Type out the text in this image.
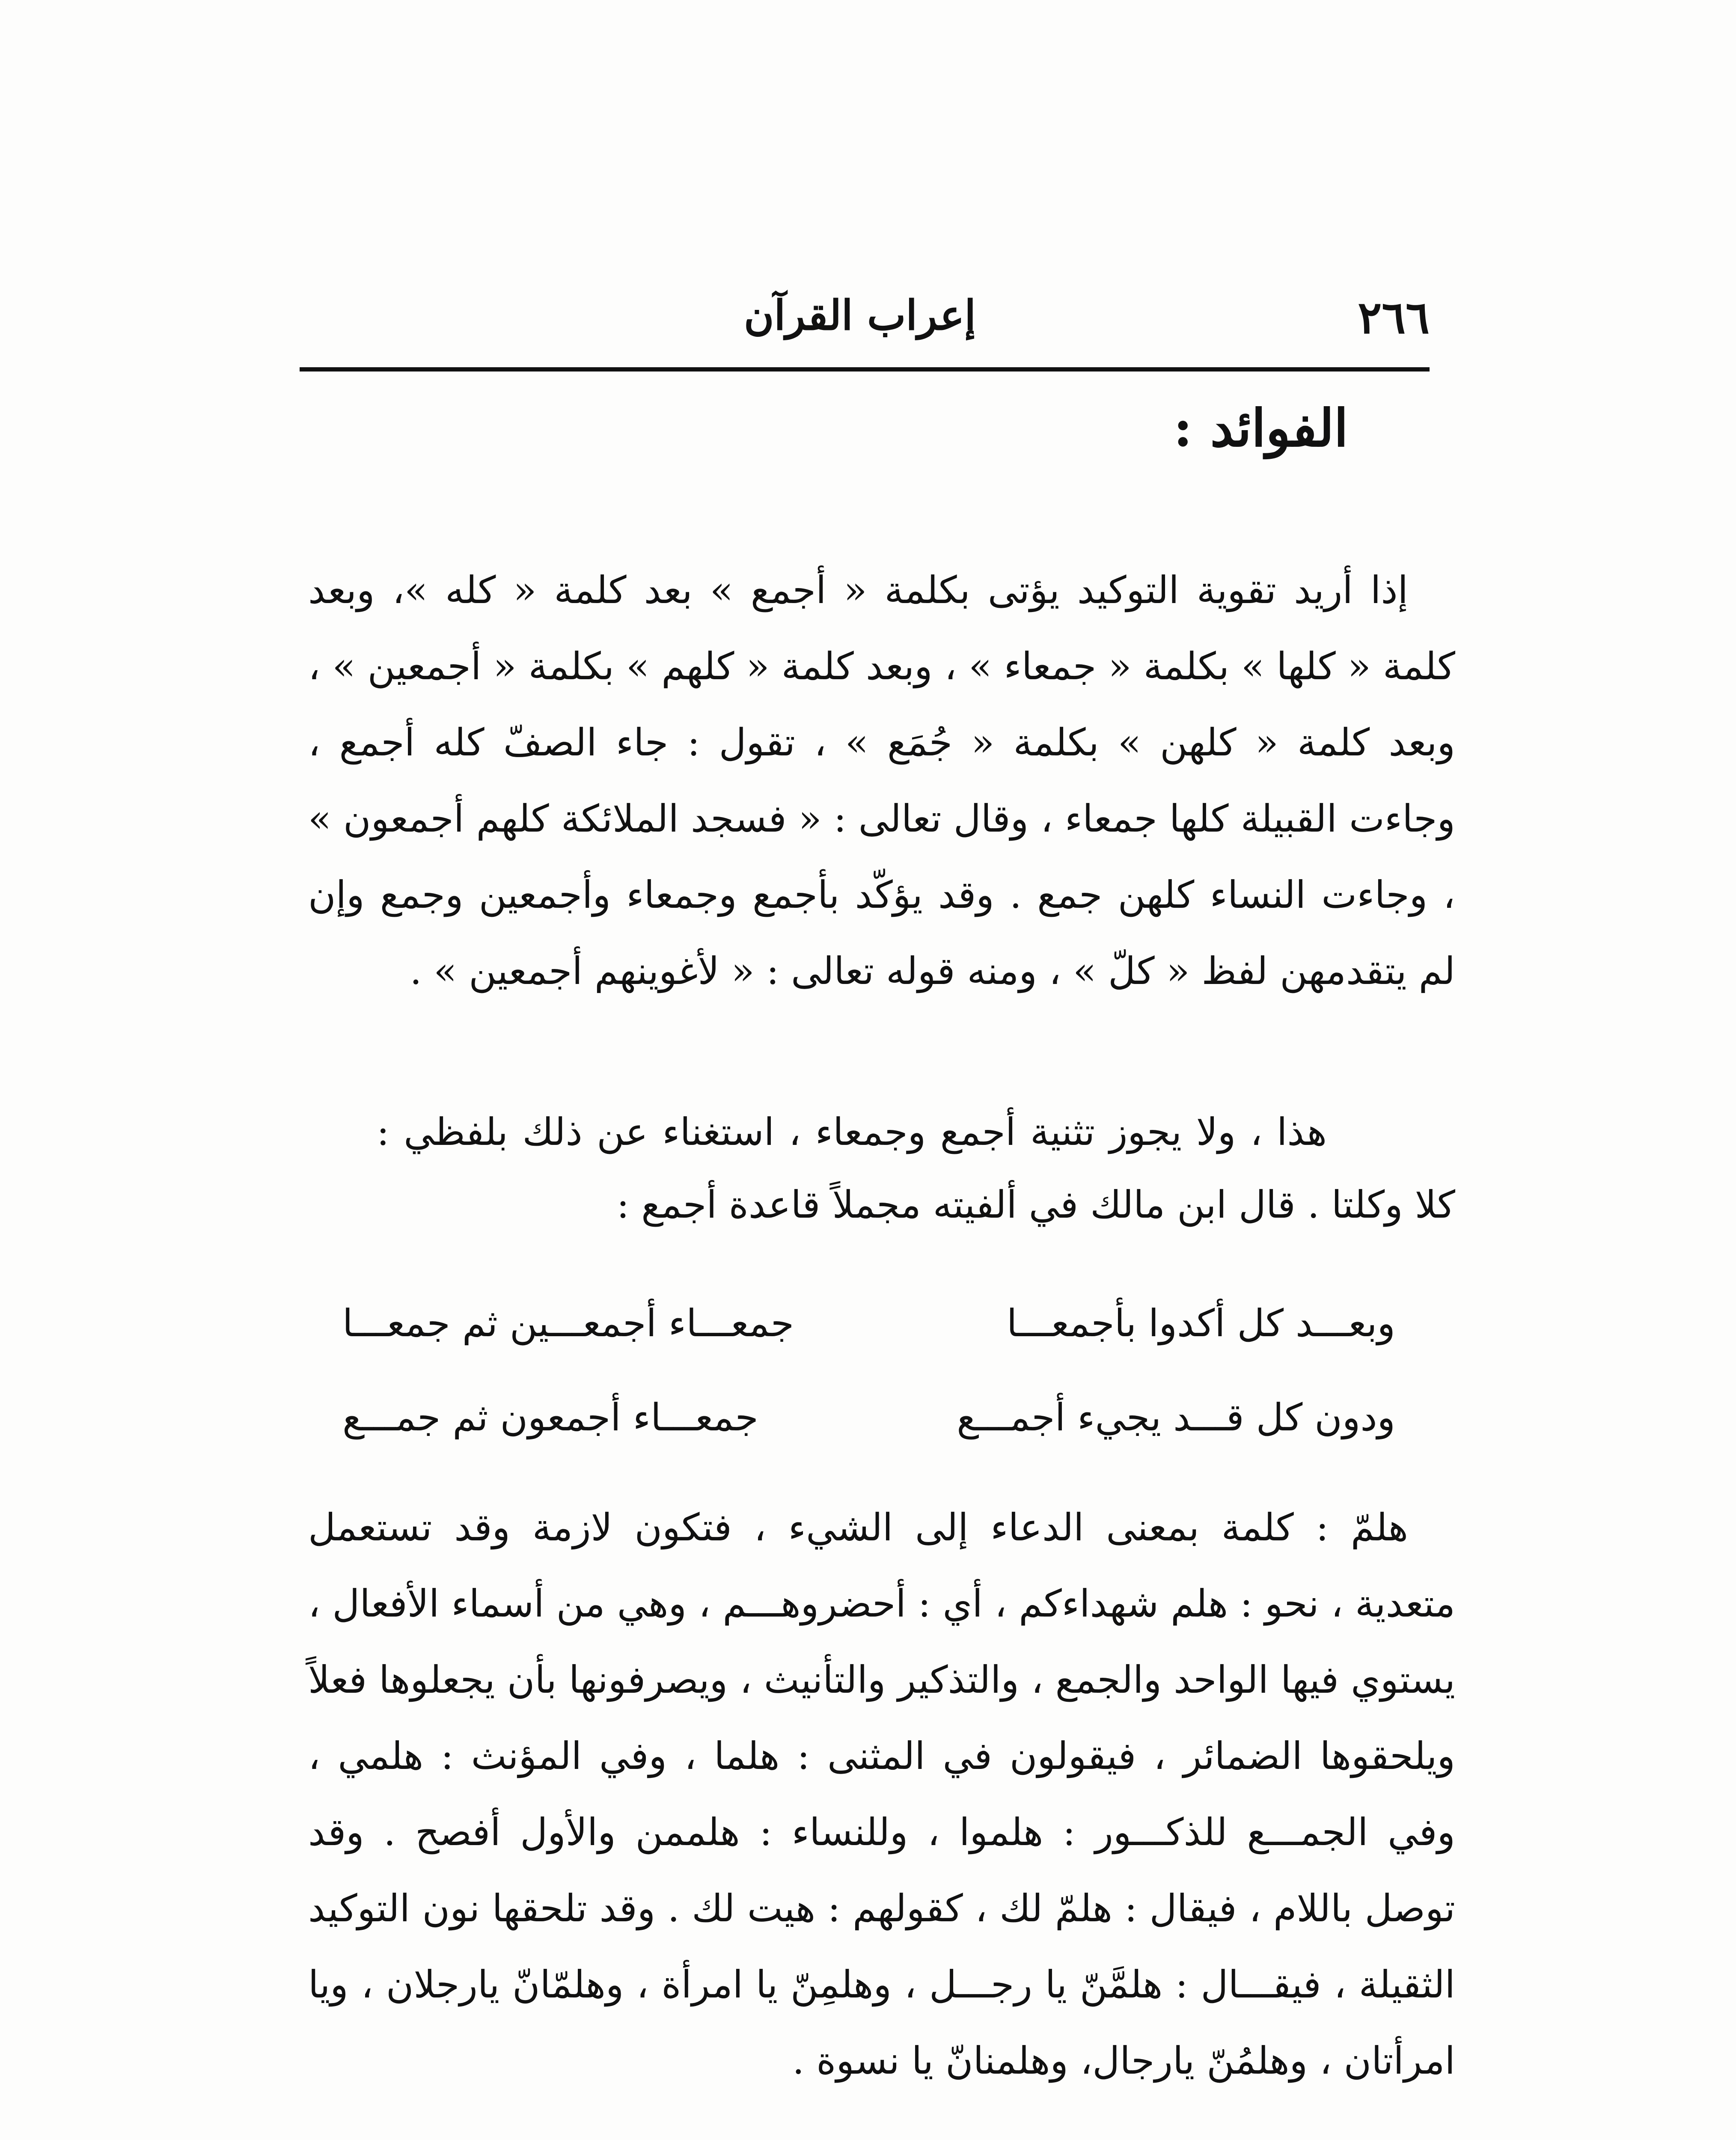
٢٦٦
إعراب القرآن
الفوائد :

إذا أريد تقوية التوكيد يؤتى بكلمة « أجمع » بعد كلمة « كله »، وبعد كلمة « كلها » بكلمة « جمعاء » ، وبعد كلمة « كلهم » بكلمة « أجمعين » ، وبعد كلمة « كلهن » بكلمة « جُمَع » ، تقول : جاء الصفّ كله أجمع ، وجاءت القبيلة كلها جمعاء ، وقال تعالى : « فسجد الملائكة كلهم أجمعون » ، وجاءت النساء كلهن جمع . وقد يؤكّد بأجمع وجمعاء وأجمعين وجمع وإن لم يتقدمهن لفظ « كلّ » ، ومنه قوله تعالى : « لأغوينهم أجمعين » .

هذا ، ولا يجوز تثنية أجمع وجمعاء ، استغناء عن ذلك بلفظي : كلا وكلتا . قال ابن مالك في ألفيته مجملاً قاعدة أجمع :

هلمّ : كلمة بمعنى الدعاء إلى الشيء ، فتكون لازمة وقد تستعمل متعدية ، نحو : هلم شهداءكم ، أي : أحضروهـــم ، وهي من أسماء الأفعال ، يستوي فيها الواحد والجمع ، والتذكير والتأنيث ، ويصرفونها بأن يجعلوها فعلاً ويلحقوها الضمائر ، فيقولون في المثنى : هلما ، وفي المؤنث : هلمي ، وفي الجمـــع للذكـــور : هلموا ، وللنساء : هلممن والأول أفصح . وقد توصل باللام ، فيقال : هلمّ لك ، كقولهم : هيت لك . وقد تلحقها نون التوكيد الثقيلة ، فيقـــال : هلمَّنّ يا رجـــل ، وهلمِنّ يا امرأة ، وهلمّانّ يارجلان ، ويا امرأتان ، وهلمُنّ يارجال، وهلمنانّ يا نسوة .

وبعـــد كل أكدوا بأجمعـــا
جمعـــاء أجمعـــين ثم جمعـــا
ودون كل قـــد يجيء أجمـــع
جمعـــاء أجمعون ثم جمـــع
